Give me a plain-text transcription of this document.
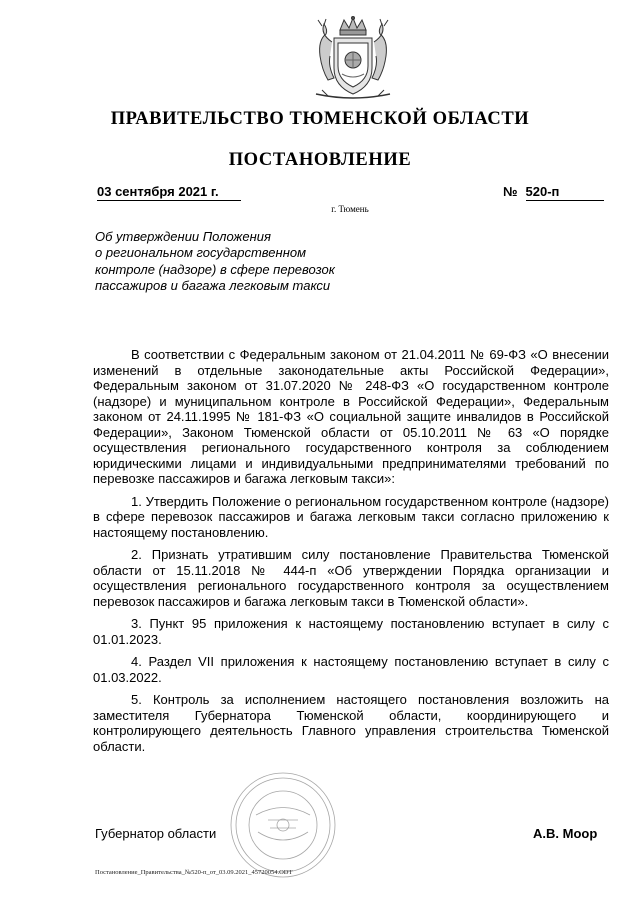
ПРАВИТЕЛЬСТВО ТЮМЕНСКОЙ ОБЛАСТИ
ПОСТАНОВЛЕНИЕ
03 сентября 2021 г.	№ 520-п
г. Тюмень
Об утверждении Положения
о региональном государственном
контроле (надзоре) в сфере перевозок
пассажиров и багажа легковым такси

В соответствии с Федеральным законом от 21.04.2011 № 69-ФЗ «О внесении изменений в отдельные законодательные акты Российской Федерации», Федеральным законом от 31.07.2020 № 248-ФЗ «О государственном контроле (надзоре) и муниципальном контроле в Российской Федерации», Федеральным законом от 24.11.1995 № 181-ФЗ «О социальной защите инвалидов в Российской Федерации», Законом Тюменской области от 05.10.2011 № 63 «О порядке осуществления регионального государственного контроля за соблюдением юридическими лицами и индивидуальными предпринимателями требований по перевозке пассажиров и багажа легковым такси»:

1. Утвердить Положение о региональном государственном контроле (надзоре) в сфере перевозок пассажиров и багажа легковым такси согласно приложению к настоящему постановлению.

2. Признать утратившим силу постановление Правительства Тюменской области от 15.11.2018 № 444-п «Об утверждении Порядка организации и осуществления регионального государственного контроля за осуществлением перевозок пассажиров и багажа легковым такси в Тюменской области».

3. Пункт 95 приложения к настоящему постановлению вступает в силу с 01.01.2023.

4. Раздел VII приложения к настоящему постановлению вступает в силу с 01.03.2022.

5. Контроль за исполнением настоящего постановления возложить на заместителя Губернатора Тюменской области, координирующего и контролирующего деятельность Главного управления строительства Тюменской области.

Губернатор области	А.В. Моор
Постановление_Правительства_№520-п_от_03.09.2021_45720054.ODT
